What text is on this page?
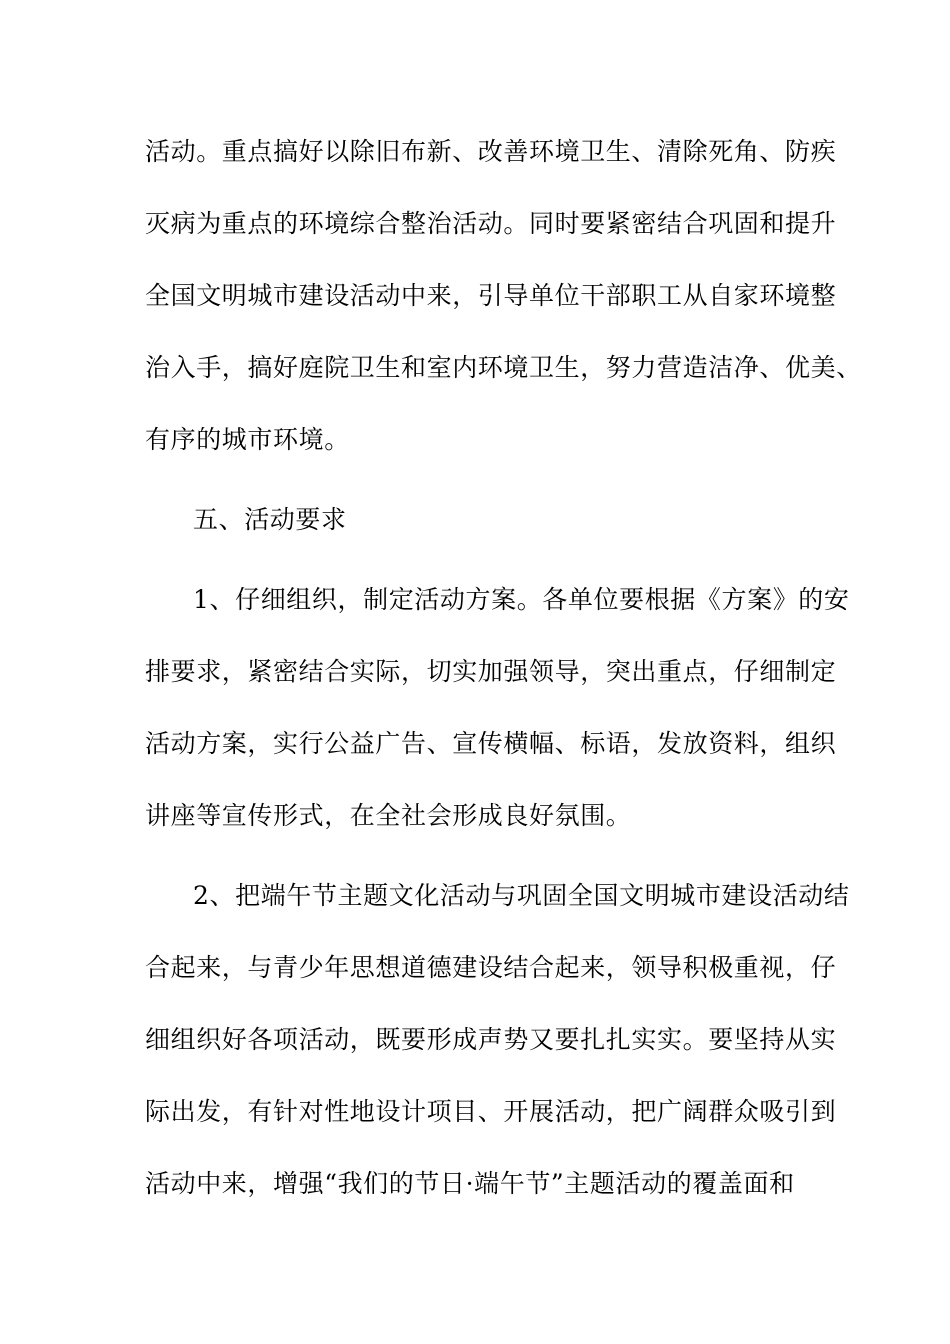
活动。重点搞好以除旧布新、改善环境卫生、清除死角、防疾
灭病为重点的环境综合整治活动。同时要紧密结合巩固和提升
全国文明城市建设活动中来，引导单位干部职工从自家环境整
治入手，搞好庭院卫生和室内环境卫生，努力营造洁净、优美、
有序的城市环境。
五、活动要求
1、仔细组织，制定活动方案。各单位要根据《方案》的安
排要求，紧密结合实际，切实加强领导，突出重点，仔细制定
活动方案，实行公益广告、宣传横幅、标语，发放资料，组织
讲座等宣传形式，在全社会形成良好氛围。
2、把端午节主题文化活动与巩固全国文明城市建设活动结
合起来，与青少年思想道德建设结合起来，领导积极重视，仔
细组织好各项活动，既要形成声势又要扎扎实实。要坚持从实
际出发，有针对性地设计项目、开展活动，把广阔群众吸引到
活动中来，增强“我们的节日·端午节”主题活动的覆盖面和
